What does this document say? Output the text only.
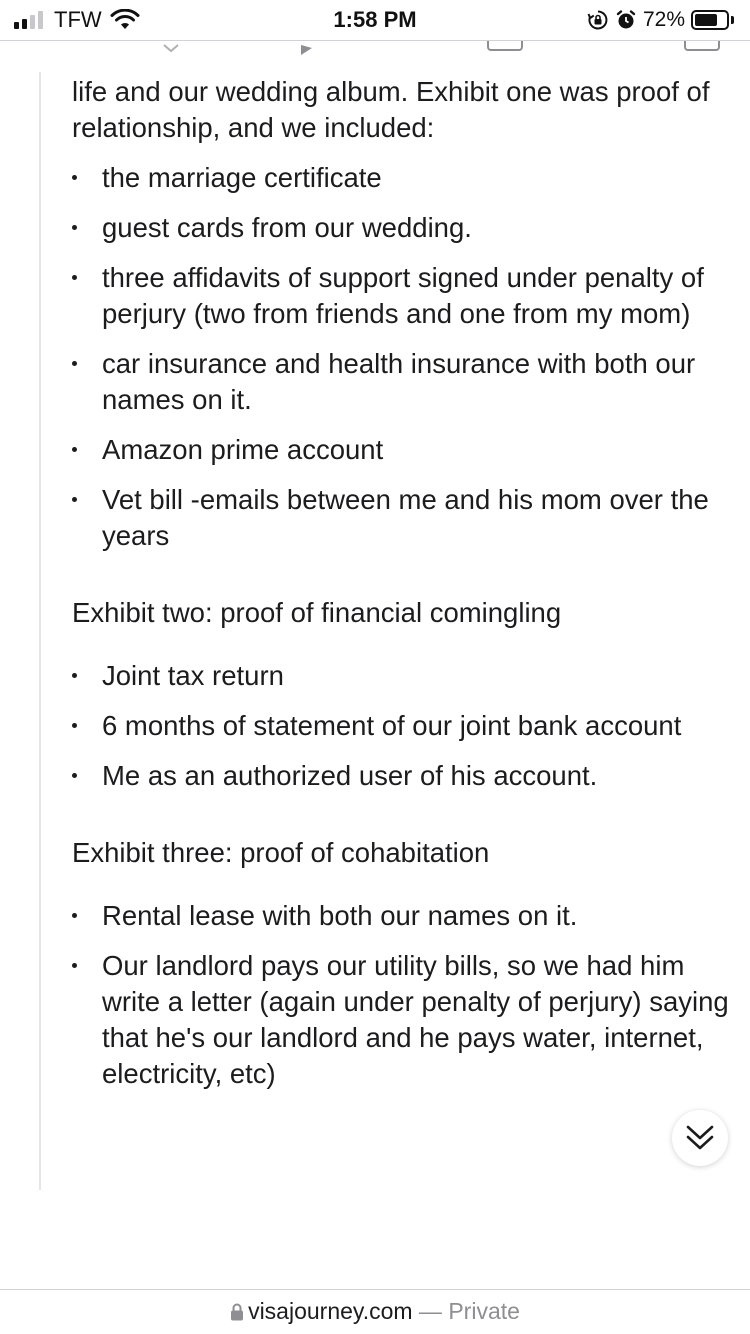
TFW	1:58 PM	72%

life and our wedding album. Exhibit one was proof of relationship, and we included:

the marriage certificate
guest cards from our wedding.
three affidavits of support signed under penalty of perjury (two from friends and one from my mom)
car insurance and health insurance with both our names on it.
Amazon prime account
Vet bill -emails between me and his mom over the years

Exhibit two: proof of financial comingling

Joint tax return
6 months of statement of our joint bank account
Me as an authorized user of his account.

Exhibit three: proof of cohabitation

Rental lease with both our names on it.
Our landlord pays our utility bills, so we had him write a letter (again under penalty of perjury) saying that he's our landlord and he pays water, internet, electricity, etc)
visajourney.com — Private
